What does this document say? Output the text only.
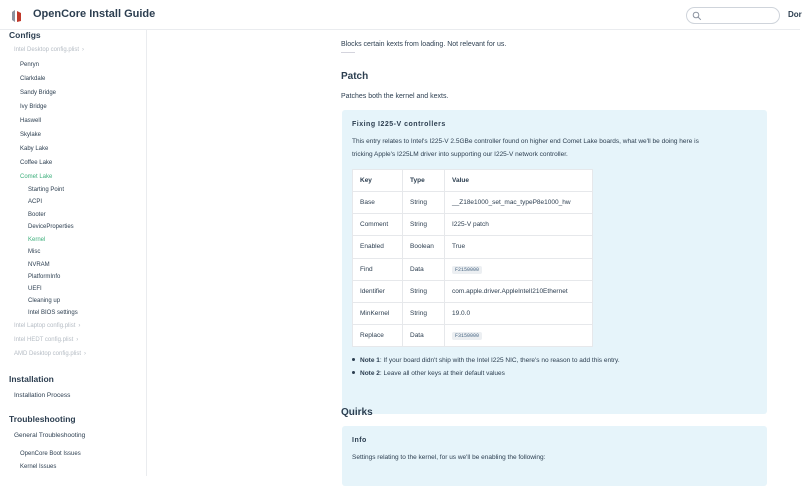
OpenCore Install Guide	Dor
Configs
Intel Desktop config.plist ›
Penryn
Clarkdale
Sandy Bridge
Ivy Bridge
Haswell
Skylake
Kaby Lake
Coffee Lake
Comet Lake
Starting Point
ACPI
Booter
DeviceProperties
Kernel
Misc
NVRAM
PlatformInfo
UEFI
Cleaning up
Intel BIOS settings
Intel Laptop config.plist ›
Intel HEDT config.plist ›
AMD Desktop config.plist ›
Installation
Installation Process
Troubleshooting
General Troubleshooting
OpenCore Boot Issues
Kernel Issues
Blocks certain kexts from loading. Not relevant for us.
Patch
Patches both the kernel and kexts.
Fixing I225-V controllers
This entry relates to Intel's I225-V 2.5GBe controller found on higher end Comet Lake boards, what we'll be doing here is
tricking Apple's I225LM driver into supporting our I225-V network controller.
Key	Type	Value
Base	String	__Z18e1000_set_mac_typeP8e1000_hw
Comment	String	I225-V patch
Enabled	Boolean	True
Find	Data	F2150000
Identifier	String	com.apple.driver.AppleIntelI210Ethernet
MinKernel	String	19.0.0
Replace	Data	F3150000
Note 1: If your board didn't ship with the Intel I225 NIC, there's no reason to add this entry.
Note 2: Leave all other keys at their default values
Quirks
Info
Settings relating to the kernel, for us we'll be enabling the following:
